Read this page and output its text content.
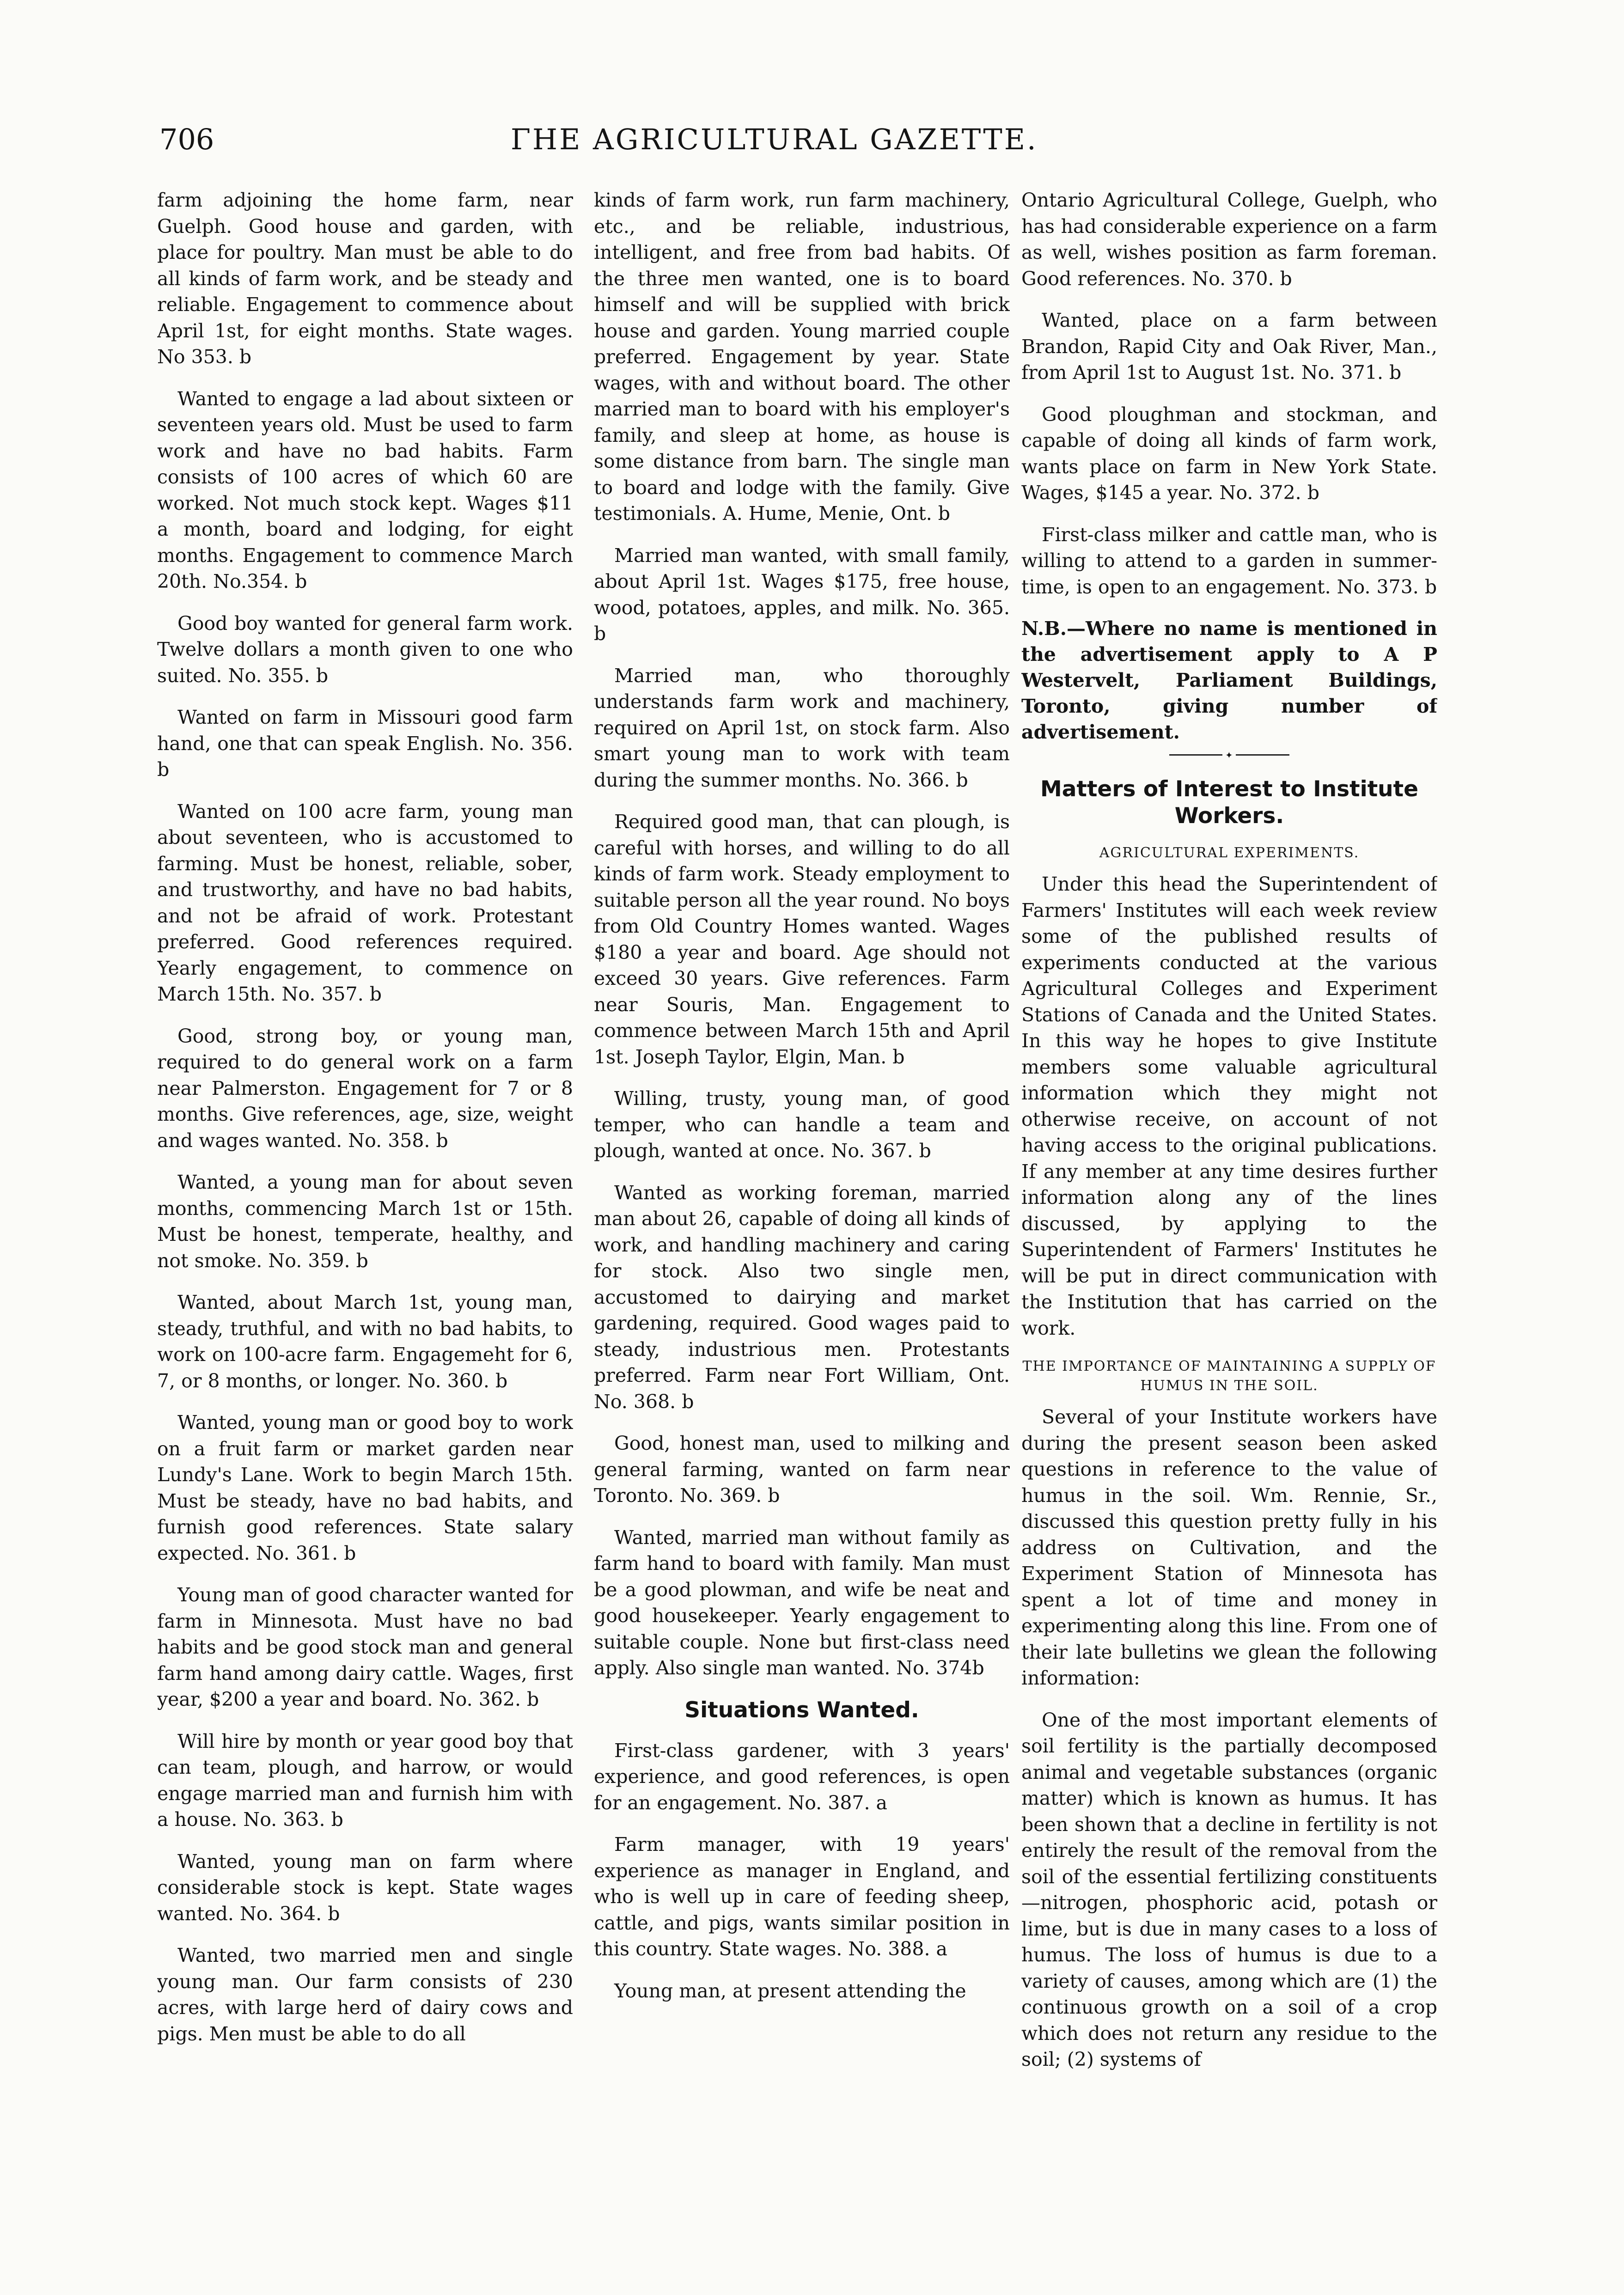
706	ΓHE AGRICULTURAL GAZETTE.

farm adjoining the home farm, near Guelph. Good house and garden, with place for poultry. Man must be able to do all kinds of farm work, and be steady and reliable. Engagement to commence about April 1st, for eight months. State wages. No 353. b

Wanted to engage a lad about sixteen or seventeen years old. Must be used to farm work and have no bad habits. Farm consists of 100 acres of which 60 are worked. Not much stock kept. Wages $11 a month, board and lodging, for eight months. Engagement to commence March 20th. No.354. b

Good boy wanted for general farm work. Twelve dollars a month given to one who suited. No. 355. b

Wanted on farm in Missouri good farm hand, one that can speak English. No. 356. b

Wanted on 100 acre farm, young man about seventeen, who is accustomed to farming. Must be honest, reliable, sober, and trustworthy, and have no bad habits, and not be afraid of work. Protestant preferred. Good references required. Yearly engagement, to commence on March 15th. No. 357. b

Good, strong boy, or young man, required to do general work on a farm near Palmerston. Engagement for 7 or 8 months. Give references, age, size, weight and wages wanted. No. 358. b

Wanted, a young man for about seven months, commencing March 1st or 15th. Must be honest, temperate, healthy, and not smoke. No. 359. b

Wanted, about March 1st, young man, steady, truthful, and with no bad habits, to work on 100-acre farm. Engagemeht for 6, 7, or 8 months, or longer. No. 360. b

Wanted, young man or good boy to work on a fruit farm or market garden near Lundy's Lane. Work to begin March 15th. Must be steady, have no bad habits, and furnish good references. State salary expected. No. 361. b

Young man of good character wanted for farm in Minnesota. Must have no bad habits and be good stock man and general farm hand among dairy cattle. Wages, first year, $200 a year and board. No. 362. b

Will hire by month or year good boy that can team, plough, and harrow, or would engage married man and furnish him with a house. No. 363. b

Wanted, young man on farm where considerable stock is kept. State wages wanted. No. 364. b

Wanted, two married men and single young man. Our farm consists of 230 acres, with large herd of dairy cows and pigs. Men must be able to do all

kinds of farm work, run farm machinery, etc., and be reliable, industrious, intelligent, and free from bad habits. Of the three men wanted, one is to board himself and will be supplied with brick house and garden. Young married couple preferred. Engagement by year. State wages, with and without board. The other married man to board with his employer's family, and sleep at home, as house is some distance from barn. The single man to board and lodge with the family. Give testimonials. A. Hume, Menie, Ont. b

Married man wanted, with small family, about April 1st. Wages $175, free house, wood, potatoes, apples, and milk. No. 365. b

Married man, who thoroughly understands farm work and machinery, required on April 1st, on stock farm. Also smart young man to work with team during the summer months. No. 366. b

Required good man, that can plough, is careful with horses, and willing to do all kinds of farm work. Steady employment to suitable person all the year round. No boys from Old Country Homes wanted. Wages $180 a year and board. Age should not exceed 30 years. Give references. Farm near Souris, Man. Engagement to commence between March 15th and April 1st. Joseph Taylor, Elgin, Man. b

Willing, trusty, young man, of good temper, who can handle a team and plough, wanted at once. No. 367. b

Wanted as working foreman, married man about 26, capable of doing all kinds of work, and handling machinery and caring for stock. Also two single men, accustomed to dairying and market gardening, required. Good wages paid to steady, industrious men. Protestants preferred. Farm near Fort William, Ont. No. 368. b

Good, honest man, used to milking and general farming, wanted on farm near Toronto. No. 369. b

Wanted, married man without family as farm hand to board with family. Man must be a good plowman, and wife be neat and good housekeeper. Yearly engagement to suitable couple. None but first-class need apply. Also single man wanted. No. 374b

Situations Wanted.

First-class gardener, with 3 years' experience, and good references, is open for an engagement. No. 387. a

Farm manager, with 19 years' experience as manager in England, and who is well up in care of feeding sheep, cattle, and pigs, wants similar position in this country. State wages. No. 388. a

Young man, at present attending the

Ontario Agricultural College, Guelph, who has had considerable experience on a farm as well, wishes position as farm foreman. Good references. No. 370. b

Wanted, place on a farm between Brandon, Rapid City and Oak River, Man., from April 1st to August 1st. No. 371. b

Good ploughman and stockman, and capable of doing all kinds of farm work, wants place on farm in New York State. Wages, $145 a year. No. 372. b

First-class milker and cattle man, who is willing to attend to a garden in summer-time, is open to an engagement. No. 373. b

N.B.—Where no name is mentioned in the advertisement apply to A P Westervelt, Parliament Buildings, Toronto, giving number of advertisement.

✦
Matters of Interest to Institute Workers.
AGRICULTURAL EXPERIMENTS.

Under this head the Superintendent of Farmers' Institutes will each week review some of the published results of experiments conducted at the various Agricultural Colleges and Experiment Stations of Canada and the United States. In this way he hopes to give Institute members some valuable agricultural information which they might not otherwise receive, on account of not having access to the original publications. If any member at any time desires further information along any of the lines discussed, by applying to the Superintendent of Farmers' Institutes he will be put in direct communication with the Institution that has carried on the work.

THE IMPORTANCE OF MAINTAINING A SUPPLY OF HUMUS IN THE SOIL.

Several of your Institute workers have during the present season been asked questions in reference to the value of humus in the soil. Wm. Rennie, Sr., discussed this question pretty fully in his address on Cultivation, and the Experiment Station of Minnesota has spent a lot of time and money in experimenting along this line. From one of their late bulletins we glean the following information:

One of the most important elements of soil fertility is the partially decomposed animal and vegetable substances (organic matter) which is known as humus. It has been shown that a decline in fertility is not entirely the result of the removal from the soil of the essential fertilizing constituents—nitrogen, phosphoric acid, potash or lime, but is due in many cases to a loss of humus. The loss of humus is due to a variety of causes, among which are (1) the continuous growth on a soil of a crop which does not return any residue to the soil; (2) systems of
